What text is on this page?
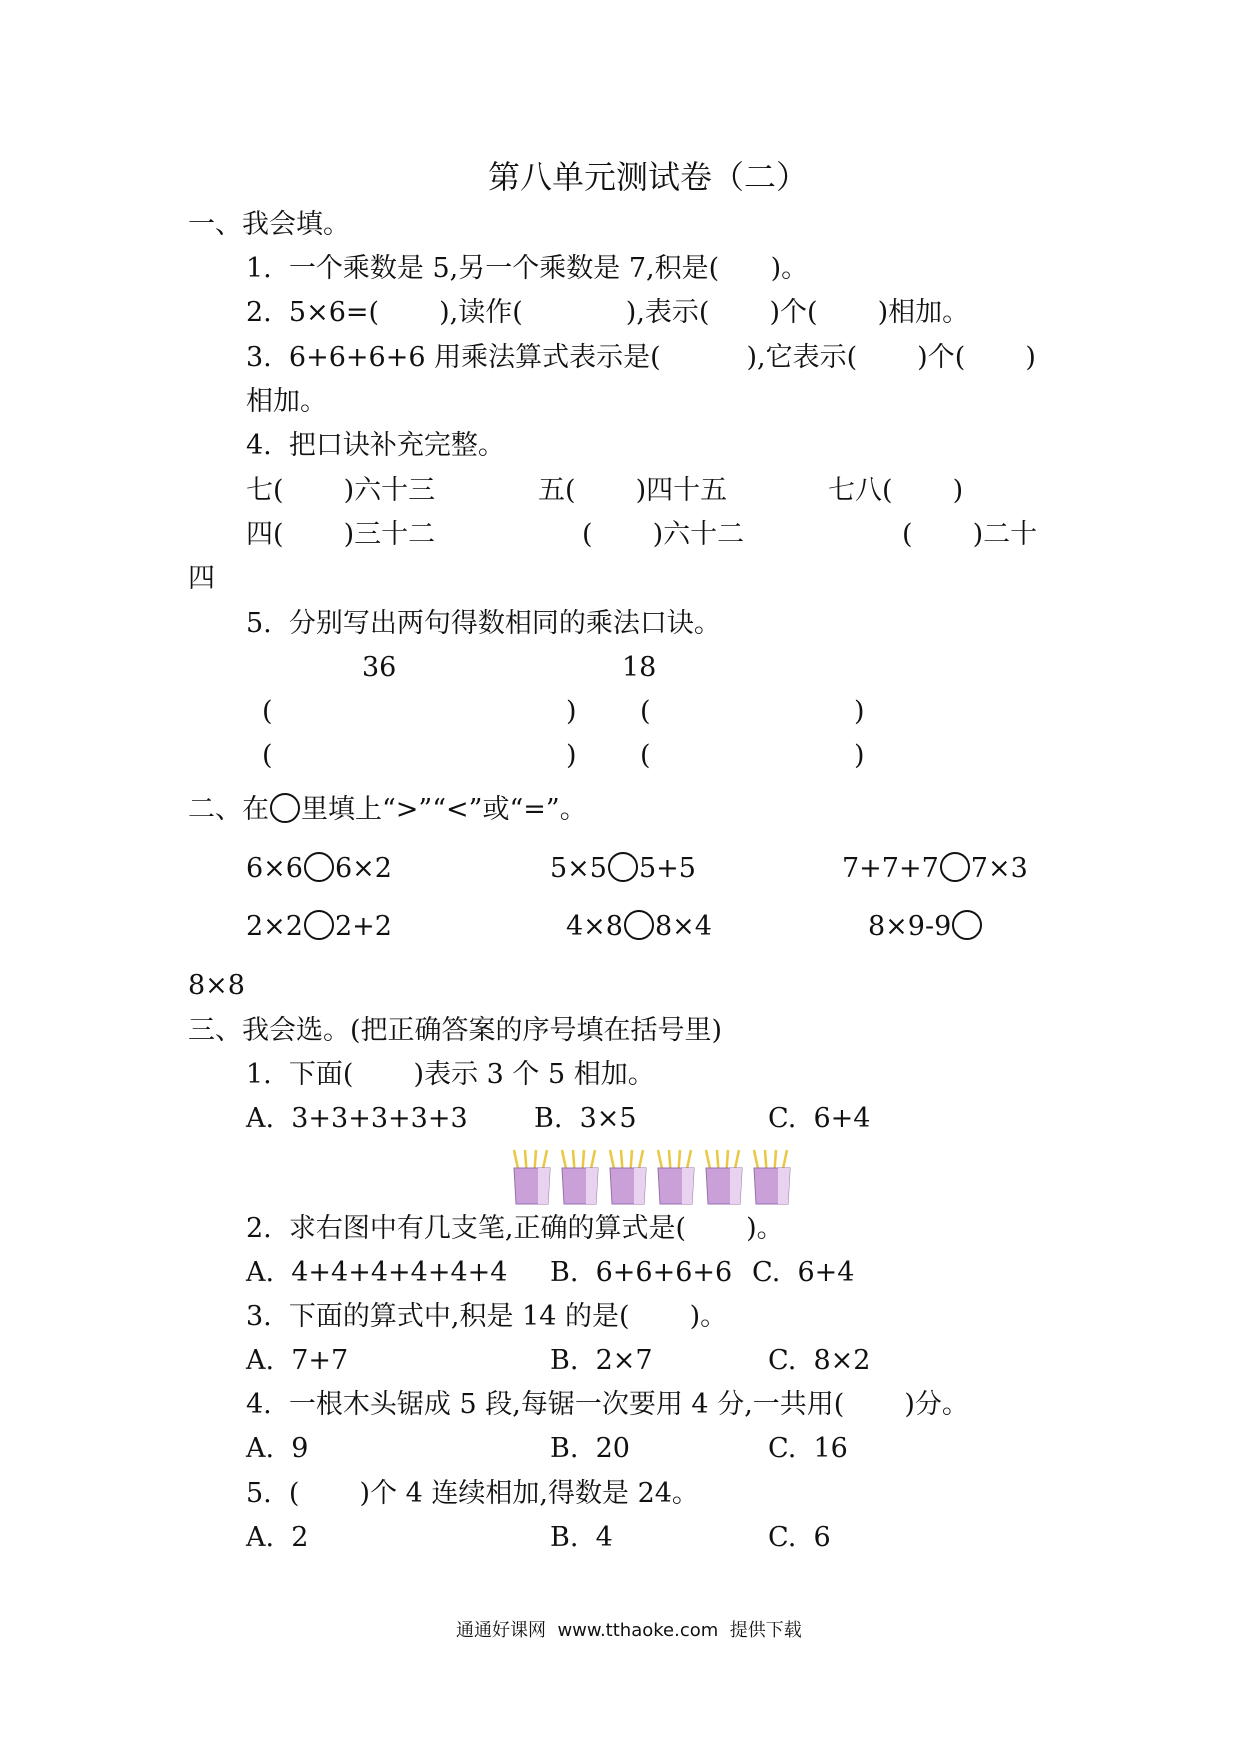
第八单元测试卷（二）
一、我会填。
1.  一个乘数是 5,另一个乘数是 7,积是(      )。
2.  5×6=(       ),读作(            ),表示(       )个(       )相加。
3.  6+6+6+6 用乘法算式表示是(          ),它表示(       )个(       )
相加。
4.  把口诀补充完整。
七(       )六十三	五(       )四十五	七八(       )
四(       )三十二	(       )六十二	(       )二十
四
5.  分别写出两句得数相同的乘法口诀。
36	18
(	) (	)
(	) (	)
二、在 里填上“>”“<”或“=”。
6×6 6×2	5×5 5+5	7+7+7 7×3
2×2 2+2	4×8 8×4	8×9-9
8×8
三、我会选。(把正确答案的序号填在括号里)
1.  下面(       )表示 3 个 5 相加。
A.  3+3+3+3+3 B.  3×5	C.  6+4
2.  求右图中有几支笔,正确的算式是(       )。
A.  4+4+4+4+4+4 B.  6+6+6+6 C.  6+4
3.  下面的算式中,积是 14 的是(       )。
A.  7+7	B.  2×7	C.  8×2
4.  一根木头锯成 5 段,每锯一次要用 4 分,一共用(       )分。
A.  9	B.  20	C.  16
5.  (       )个 4 连续相加,得数是 24。
A.  2	B.  4	C.  6
通通好课网  www.tthaoke.com  提供下载
